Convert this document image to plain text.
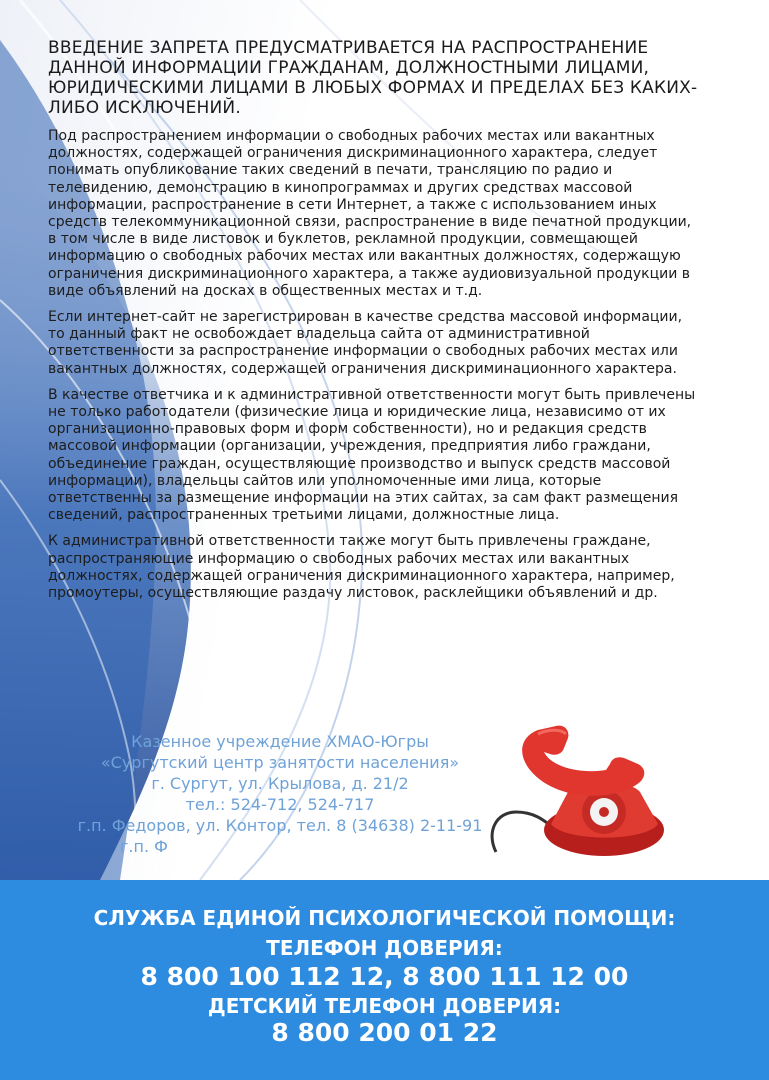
ВВЕДЕНИЕ ЗАПРЕТА ПРЕДУСМАТРИВАЕТСЯ НА РАСПРОСТРАНЕНИЕ ДАННОЙ ИНФОРМАЦИИ ГРАЖДАНАМ, ДОЛЖНОСТНЫМИ ЛИЦАМИ, ЮРИДИЧЕСКИМИ ЛИЦАМИ В ЛЮБЫХ ФОРМАХ И ПРЕДЕЛАХ БЕЗ КАКИХ-ЛИБО ИСКЛЮЧЕНИЙ.

Под распространением информации о свободных рабочих местах или вакантных должностях, содержащей ограничения дискриминационного характера, следует понимать опубликование таких сведений в печати, трансляцию по радио и телевидению, демонстрацию в кинопрограммах и других средствах массовой информации, распространение в сети Интернет, а также с использованием иных средств телекоммуникационной связи, распространение в виде печатной продукции, в том числе в виде листовок и буклетов, рекламной продукции, совмещающей информацию о свободных рабочих местах или вакантных должностях, содержащую ограничения дискриминационного характера, а также аудиовизуальной продукции в виде объявлений на досках в общественных местах и т.д.

Если интернет-сайт не зарегистрирован в качестве средства массовой информации, то данный факт не освобождает владельца сайта от административной ответственности за распространение информации о свободных рабочих местах или вакантных должностях, содержащей ограничения дискриминационного характера.

В качестве ответчика и к административной ответственности могут быть привлечены не только работодатели (физические лица и юридические лица, независимо от их организационно-правовых форм и форм собственности), но и редакция средств массовой информации (организации, учреждения, предприятия либо граждани, объединение граждан, осуществляющие производство и выпуск средств массовой информации), владельцы сайтов или уполномоченные ими лица, которые ответственны за размещение информации на этих сайтах, за сам факт размещения сведений, распространенных третьими лицами, должностные лица.

К административной ответственности также могут быть привлечены граждане, распространяющие информацию о свободных рабочих местах или вакантных должностях, содержащей ограничения дискриминационного характера, например, промоутеры, осуществляющие раздачу листовок, расклейщики объявлений и др.

Казенное учреждение ХМАО-Югры
«Сургутский центр занятости населения»
г. Сургут, ул. Крылова, д. 21/2
тел.: 524-712, 524-717
г.п. Федоров, ул. Контор, тел. 8 (34638) 2-11-91
г.п. Ф
СЛУЖБА ЕДИНОЙ ПСИХОЛОГИЧЕСКОЙ ПОМОЩИ:
ТЕЛЕФОН ДОВЕРИЯ:
8 800 100 112 12, 8 800 111 12 00
ДЕТСКИЙ ТЕЛЕФОН ДОВЕРИЯ:
8 800 200 01 22
